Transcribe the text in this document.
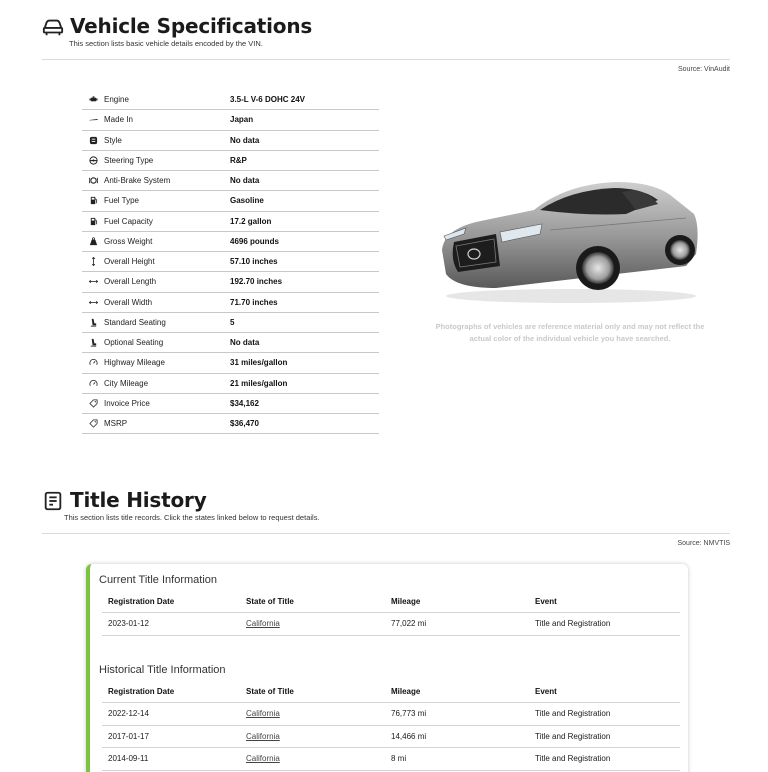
Vehicle Specifications
This section lists basic vehicle details encoded by the VIN.
Source: VinAudit
Engine	3.5-L V-6 DOHC 24V
Made In	Japan
Style	No data
Steering Type	R&P
Anti-Brake System	No data
Fuel Type	Gasoline
Fuel Capacity	17.2 gallon
Gross Weight	4696 pounds
Overall Height	57.10 inches
Overall Length	192.70 inches
Overall Width	71.70 inches
Standard Seating	5
Optional Seating	No data
Highway Mileage	31 miles/gallon
City Mileage	21 miles/gallon
Invoice Price	$34,162
MSRP	$36,470
Photographs of vehicles are reference material only and may not reflect the actual color of the individual vehicle you have searched.
Title History
This section lists title records. Click the states linked below to request details.
Source: NMVTIS
Current Title Information
Registration Date	State of Title	Mileage	Event
2023-01-12	California	77,022 mi	Title and Registration
Historical Title Information
Registration Date	State of Title	Mileage	Event
2022-12-14	California	76,773 mi	Title and Registration
2017-01-17	California	14,466 mi	Title and Registration
2014-09-11	California	8 mi	Title and Registration
